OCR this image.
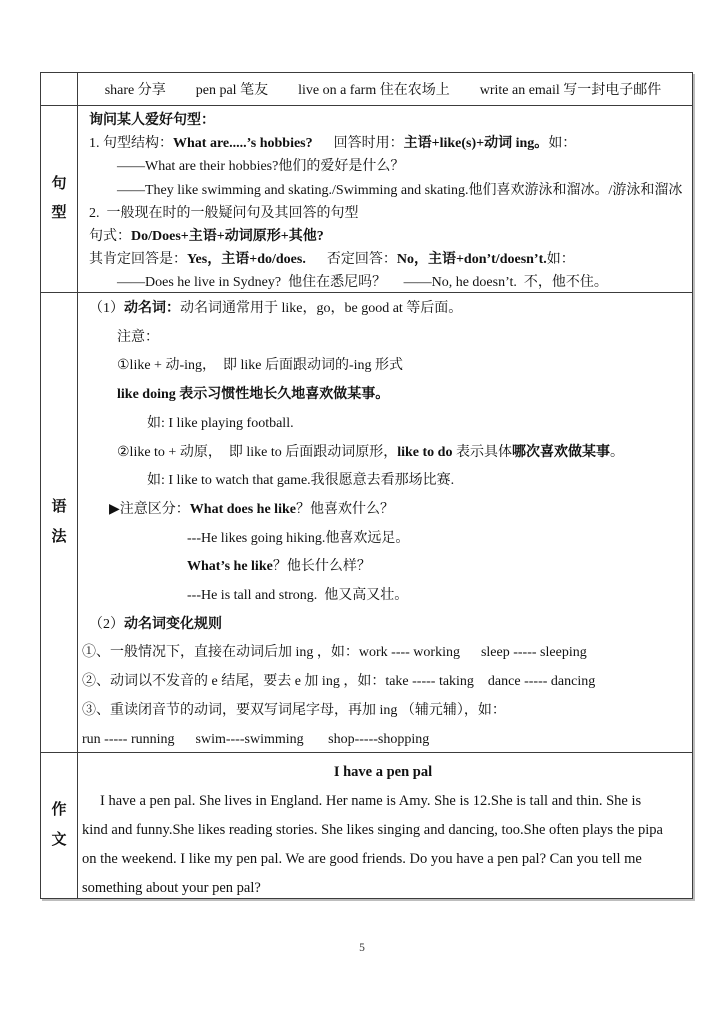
share 分享 pen pal 笔友 live on a farm 住在农场上 write an email 写一封电子邮件
句型
询问某人爱好句型：
1. 句型结构：What are.....’s hobbies?      回答时用：主语+like(s)+动词 ing。如：
——What are their hobbies?他们的爱好是什么？
——They like swimming and skating./Swimming and skating.他们喜欢游泳和溜冰。/游泳和溜冰
2.  一般现在时的一般疑问句及其回答的句型
句式：Do/Does+主语+动词原形+其他?
其肯定回答是：Yes，主语+do/does.      否定回答：No，主语+don’t/doesn’t.如：
——Does he live in Sydney?  他住在悉尼吗？     ——No, he doesn’t.  不，他不住。
语法
（1）动名词：动名词通常用于 like，go，be good at 等后面。
注意：
①like + 动-ing，  即 like 后面跟动词的-ing 形式
like doing 表示习惯性地长久地喜欢做某事。
如: I like playing football.
②like to + 动原，  即 like to 后面跟动词原形，like to do 表示具体哪次喜欢做某事。
如: I like to watch that game.我很愿意去看那场比赛.
▶注意区分：What does he like？他喜欢什么？
---He likes going hiking.他喜欢远足。
What’s he like？他长什么样？
---He is tall and strong.  他又高又壮。
（2）动名词变化规则
①、一般情况下，直接在动词后加 ing ，如：work ---- working      sleep ----- sleeping
②、动词以不发音的 e 结尾，要去 e 加 ing ，如：take ----- taking    dance ----- dancing
③、重读闭音节的动词，要双写词尾字母，再加 ing （辅元辅），如：
run ----- running      swim----swimming       shop-----shopping
作文
I have a pen pal
I have a pen pal. She lives in England. Her name is Amy. She is 12.She is tall and thin. She is kind and funny.She likes reading stories. She likes singing and dancing, too.She often plays the pipa on the weekend. I like my pen pal. We are good friends. Do you have a pen pal? Can you tell me something about your pen pal?
5
